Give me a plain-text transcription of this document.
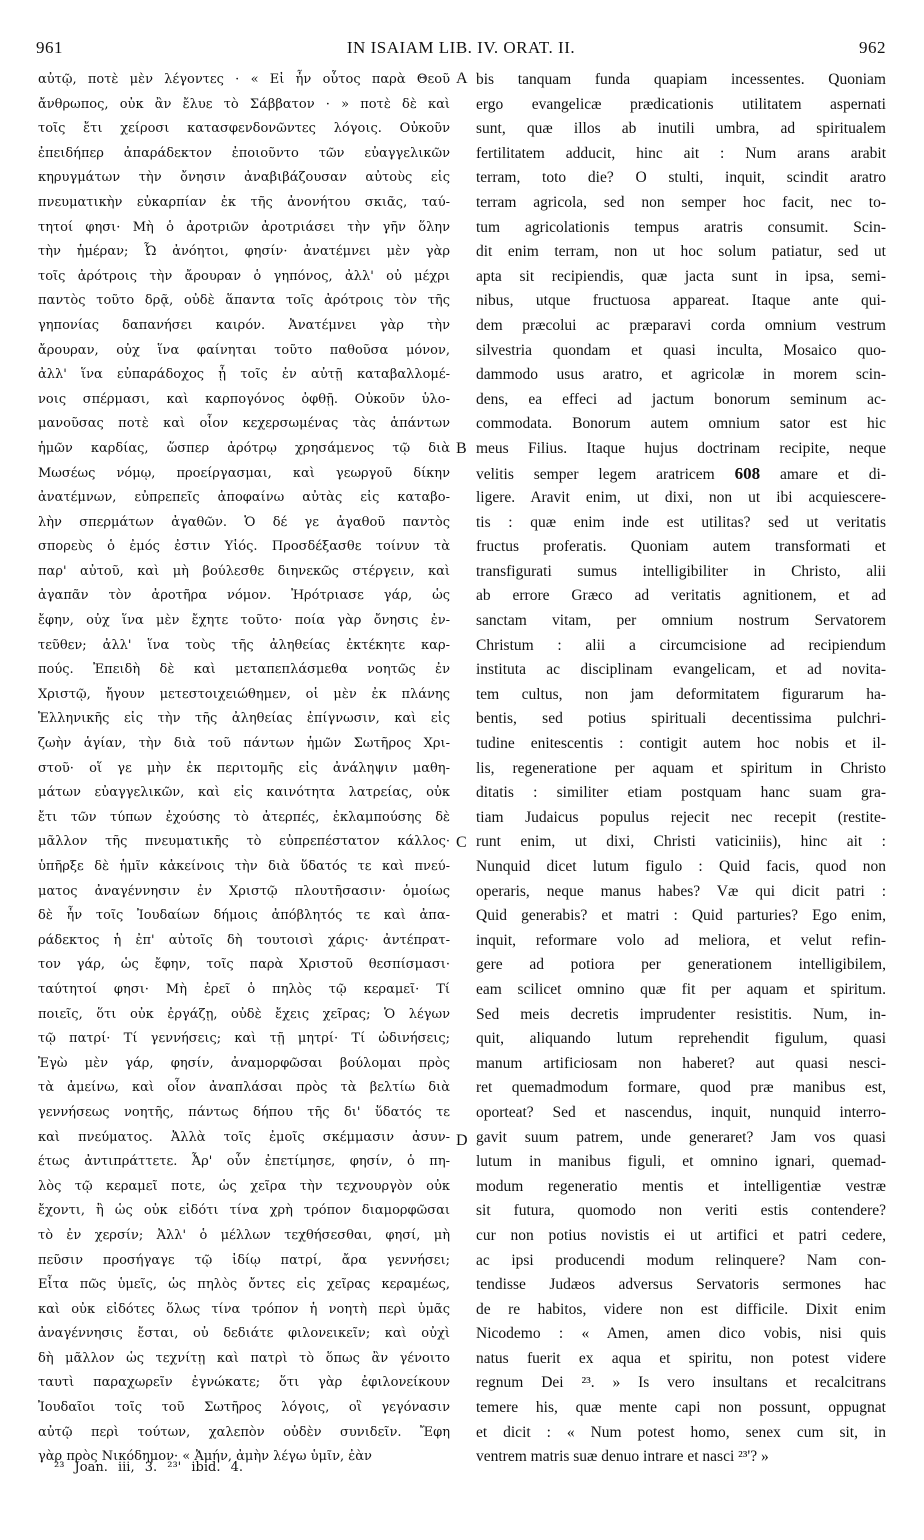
961	IN ISAIAM LIB. IV. ORAT. II.	962
αὐτῷ, ποτὲ μὲν λέγοντες · « Εἰ ἦν οὗτος παρὰ Θεοῦ
ἄνθρωπος, οὐκ ἂν ἔλυε τὸ Σάββατον · » ποτὲ δὲ καὶ
τοῖς ἔτι χείροσι κατασφενδονῶντες λόγοις. Οὐκοῦν
ἐπειδήπερ ἀπαράδεκτον ἐποιοῦντο τῶν εὐαγγελικῶν
κηρυγμάτων τὴν ὄνησιν ἀναβιβάζουσαν αὐτοὺς εἰς
πνευματικὴν εὐκαρπίαν ἐκ τῆς ἀνονήτου σκιᾶς, ταύ-
τητοί φησι· Μὴ ὁ ἀροτριῶν ἀροτριάσει τὴν γῆν ὅλην
τὴν ἡμέραν; Ὦ ἀνόητοι, φησίν· ἀνατέμνει μὲν γὰρ
τοῖς ἀρότροις τὴν ἄρουραν ὁ γηπόνος, ἀλλ' οὐ μέχρι
παντὸς τοῦτο δρᾷ, οὐδὲ ἅπαντα τοῖς ἀρότροις τὸν τῆς
γηπονίας δαπανήσει καιρόν. Ἀνατέμνει γὰρ τὴν
ἄρουραν, οὐχ ἵνα φαίνηται τοῦτο παθοῦσα μόνον,
ἀλλ' ἵνα εὐπαράδοχος ᾖ τοῖς ἐν αὐτῇ καταβαλλομέ-
νοις σπέρμασι, καὶ καρπογόνος ὀφθῇ. Οὐκοῦν ὑλο-
μανοῦσας ποτὲ καὶ οἷον κεχερσωμένας τὰς ἁπάντων
ἡμῶν καρδίας, ὥσπερ ἀρότρῳ χρησάμενος τῷ διὰ
Μωσέως νόμῳ, προείργασμαι, καὶ γεωργοῦ δίκην
ἀνατέμνων, εὐπρεπεῖς ἀποφαίνω αὐτὰς εἰς καταβο-
λὴν σπερμάτων ἀγαθῶν. Ὁ δέ γε ἀγαθοῦ παντὸς
σπορεὺς ὁ ἐμός ἐστιν Υἱός. Προσδέξασθε τοίνυν τὰ
παρ' αὐτοῦ, καὶ μὴ βούλεσθε διηνεκῶς στέργειν, καὶ
ἀγαπᾶν τὸν ἀροτῆρα νόμον. Ἠρότριασε γάρ, ὡς
ἔφην, οὐχ ἵνα μὲν ἔχητε τοῦτο· ποία γὰρ ὄνησις ἐν-
τεῦθεν; ἀλλ' ἵνα τοὺς τῆς ἀληθείας ἐκτέκητε καρ-
πούς. Ἐπειδὴ δὲ καὶ μεταπεπλάσμεθα νοητῶς ἐν
Χριστῷ, ἤγουν μετεστοιχειώθημεν, οἱ μὲν ἐκ πλάνης
Ἑλληνικῆς εἰς τὴν τῆς ἀληθείας ἐπίγνωσιν, καὶ εἰς
ζωὴν ἁγίαν, τὴν διὰ τοῦ πάντων ἡμῶν Σωτῆρος Χρι-
στοῦ· οἵ γε μὴν ἐκ περιτομῆς εἰς ἀνάληψιν μαθη-
μάτων εὐαγγελικῶν, καὶ εἰς καινότητα λατρείας, οὐκ
ἔτι τῶν τύπων ἐχούσης τὸ ἀτερπές, ἐκλαμπούσης δὲ
μᾶλλον τῆς πνευματικῆς τὸ εὐπρεπέστατον κάλλος·
ὑπῆρξε δὲ ἡμῖν κἀκείνοις τὴν διὰ ὕδατός τε καὶ πνεύ-
ματος ἀναγέννησιν ἐν Χριστῷ πλουτῆσασιν· ὁμοίως
δὲ ἦν τοῖς Ἰουδαίων δήμοις ἀπόβλητός τε καὶ ἀπα-
ράδεκτος ἡ ἐπ' αὐτοῖς δὴ τουτοισὶ χάρις· ἀντέπρατ-
τον γάρ, ὡς ἔφην, τοῖς παρὰ Χριστοῦ θεσπίσμασι·
ταύτητοί φησι· Μὴ ἐρεῖ ὁ πηλὸς τῷ κεραμεῖ· Τί
ποιεῖς, ὅτι οὐκ ἐργάζῃ, οὐδὲ ἔχεις χεῖρας; Ὁ λέγων
τῷ πατρί· Τί γεννήσεις; καὶ τῇ μητρί· Τί ὠδινήσεις;
Ἐγὼ μὲν γάρ, φησίν, ἀναμορφῶσαι βούλομαι πρὸς
τὰ ἀμείνω, καὶ οἷον ἀναπλάσαι πρὸς τὰ βελτίω διὰ
γεννήσεως νοητῆς, πάντως δήπου τῆς δι' ὕδατός τε
καὶ πνεύματος. Ἀλλὰ τοῖς ἐμοῖς σκέμμασιν ἀσυν-
έτως ἀντιπράττετε. Ἆρ' οὖν ἐπετίμησε, φησίν, ὁ πη-
λὸς τῷ κεραμεῖ ποτε, ὡς χεῖρα τὴν τεχνουργὸν οὐκ
ἔχοντι, ἢ ὡς οὐκ εἰδότι τίνα χρὴ τρόπον διαμορφῶσαι
τὸ ἐν χερσίν; Ἀλλ' ὁ μέλλων τεχθήσεσθαι, φησί, μὴ
πεῦσιν προσήγαγε τῷ ἰδίῳ πατρί, ἄρα γεννήσει;
Εἶτα πῶς ὑμεῖς, ὡς πηλὸς ὄντες εἰς χεῖρας κεραμέως,
καὶ οὐκ εἰδότες ὅλως τίνα τρόπον ἡ νοητὴ περὶ ὑμᾶς
ἀναγέννησις ἔσται, οὐ δεδιάτε φιλονεικεῖν; καὶ οὐχὶ
δὴ μᾶλλον ὡς τεχνίτῃ καὶ πατρὶ τὸ ὅπως ἂν γένοιτο
ταυτὶ παραχωρεῖν ἐγνώκατε; ὅτι γὰρ ἐφιλονείκουν
Ἰουδαῖοι τοῖς τοῦ Σωτῆρος λόγοις, οἳ γεγόνασιν
αὐτῷ περὶ τούτων, χαλεπὸν οὐδὲν συνιδεῖν. Ἔφη
γὰρ πρὸς Νικόδημον· « Ἀμήν, ἀμὴν λέγω ὑμῖν, ἐὰν
bis tanquam funda quapiam incessentes. Quoniam
ergo evangelicæ prædicationis utilitatem aspernati
sunt, quæ illos ab inutili umbra, ad spiritualem
fertilitatem adducit, hinc ait : Num arans arabit
terram, toto die? O stulti, inquit, scindit aratro
terram agricola, sed non semper hoc facit, nec to-
tum agricolationis tempus aratris consumit. Scin-
dit enim terram, non ut hoc solum patiatur, sed ut
apta sit recipiendis, quæ jacta sunt in ipsa, semi-
nibus, utque fructuosa appareat. Itaque ante qui-
dem præcolui ac præparavi corda omnium vestrum
silvestria quondam et quasi inculta, Mosaico quo-
dammodo usus aratro, et agricolæ in morem scin-
dens, ea effeci ad jactum bonorum seminum ac-
commodata. Bonorum autem omnium sator est hic
meus Filius. Itaque hujus doctrinam recipite, neque
velitis semper legem aratricem 608 amare et di-
ligere. Aravit enim, ut dixi, non ut ibi acquiescere-
tis : quæ enim inde est utilitas? sed ut veritatis
fructus proferatis. Quoniam autem transformati et
transfigurati sumus intelligibiliter in Christo, alii
ab errore Græco ad veritatis agnitionem, et ad
sanctam vitam, per omnium nostrum Servatorem
Christum : alii a circumcisione ad recipiendum
instituta ac disciplinam evangelicam, et ad novita-
tem cultus, non jam deformitatem figurarum ha-
bentis, sed potius spirituali decentissima pulchri-
tudine enitescentis : contigit autem hoc nobis et il-
lis, regeneratione per aquam et spiritum in Christo
ditatis : similiter etiam postquam hanc suam gra-
tiam Judaicus populus rejecit nec recepit (restite-
runt enim, ut dixi, Christi vaticiniis), hinc ait :
Nunquid dicet lutum figulo : Quid facis, quod non
operaris, neque manus habes? Væ qui dicit patri :
Quid generabis? et matri : Quid parturies? Ego enim,
inquit, reformare volo ad meliora, et velut refin-
gere ad potiora per generationem intelligibilem,
eam scilicet omnino quæ fit per aquam et spiritum.
Sed meis decretis imprudenter resistitis. Num, in-
quit, aliquando lutum reprehendit figulum, quasi
manum artificiosam non haberet? aut quasi nesci-
ret quemadmodum formare, quod præ manibus est,
oporteat? Sed et nascendus, inquit, nunquid interro-
gavit suum patrem, unde generaret? Jam vos quasi
lutum in manibus figuli, et omnino ignari, quemad-
modum regeneratio mentis et intelligentiæ vestræ
sit futura, quomodo non veriti estis contendere?
cur non potius novistis ei ut artifici et patri cedere,
ac ipsi producendi modum relinquere? Nam con-
tendisse Judæos adversus Servatoris sermones hac
de re habitos, videre non est difficile. Dixit enim
Nicodemo : « Amen, amen dico vobis, nisi quis
natus fuerit ex aqua et spiritu, non potest videre
regnum Dei ²³. » Is vero insultans et recalcitrans
temere his, quæ mente capi non possunt, oppugnat
et dicit : « Num potest homo, senex cum sit, in
ventrem matris suæ denuo intrare et nasci ²³'? »
A
B
C
D
²³ Joan. iii, 3. ²³' ibid. 4.
